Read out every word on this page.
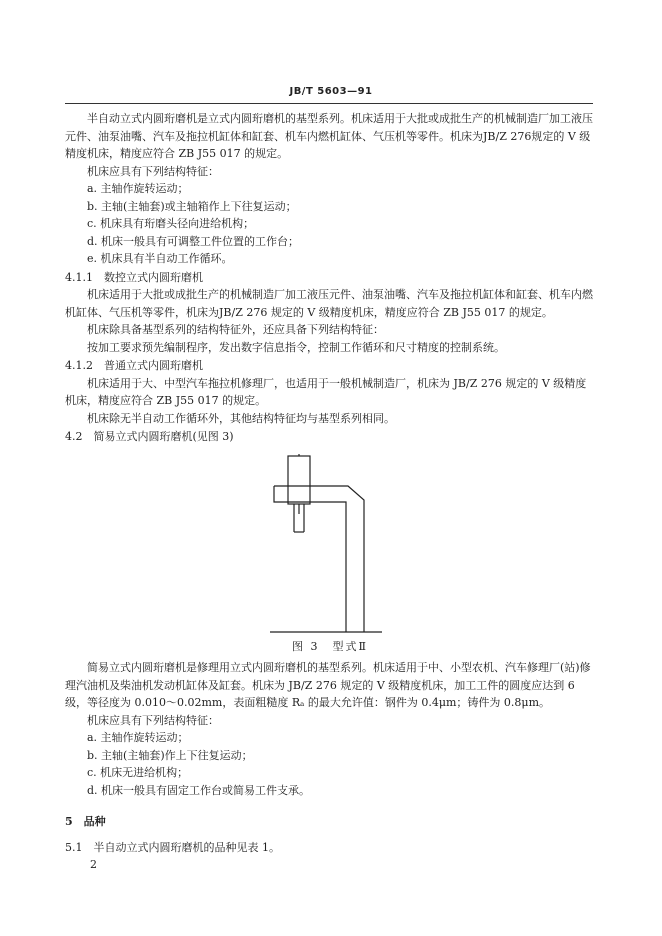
JB/T 5603—91

半自动立式内圆珩磨机是立式内圆珩磨机的基型系列。机床适用于大批或成批生产的机械制造厂加工液压元件、油泵油嘴、汽车及拖拉机缸体和缸套、机车内燃机缸体、气压机等零件。机床为JB/Z 276规定的 V 级精度机床，精度应符合 ZB J55 017 的规定。

机床应具有下列结构特征：

a. 主轴作旋转运动；

b. 主轴(主轴套)或主轴箱作上下往复运动；

c. 机床具有珩磨头径向进给机构；

d. 机床一般具有可调整工件位置的工作台；

e. 机床具有半自动工作循环。

4.1.1　数控立式内圆珩磨机

机床适用于大批或成批生产的机械制造厂加工液压元件、油泵油嘴、汽车及拖拉机缸体和缸套、机车内燃机缸体、气压机等零件，机床为JB/Z 276 规定的 V 级精度机床，精度应符合 ZB J55 017 的规定。

机床除具备基型系列的结构特征外，还应具备下列结构特征：

按加工要求预先编制程序，发出数字信息指令，控制工作循环和尺寸精度的控制系统。

4.1.2　普通立式内圆珩磨机

机床适用于大、中型汽车拖拉机修理厂，也适用于一般机械制造厂，机床为 JB/Z 276 规定的 V 级精度机床，精度应符合 ZB J55 017 的规定。

机床除无半自动工作循环外，其他结构特征均与基型系列相同。

4.2　简易立式内圆珩磨机(见图 3)

图 3　型式Ⅱ

简易立式内圆珩磨机是修理用立式内圆珩磨机的基型系列。机床适用于中、小型农机、汽车修理厂(站)修理汽油机及柴油机发动机缸体及缸套。机床为 JB/Z 276 规定的 V 级精度机床，加工工件的圆度应达到 6 级，等径度为 0.010～0.02mm，表面粗糙度 Rₐ 的最大允许值：钢件为 0.4μm；铸件为 0.8μm。

机床应具有下列结构特征：

a. 主轴作旋转运动；

b. 主轴(主轴套)作上下往复运动；

c. 机床无进给机构；

d. 机床一般具有固定工作台或简易工件支承。

5　品种

5.1　半自动立式内圆珩磨机的品种见表 1。

2
